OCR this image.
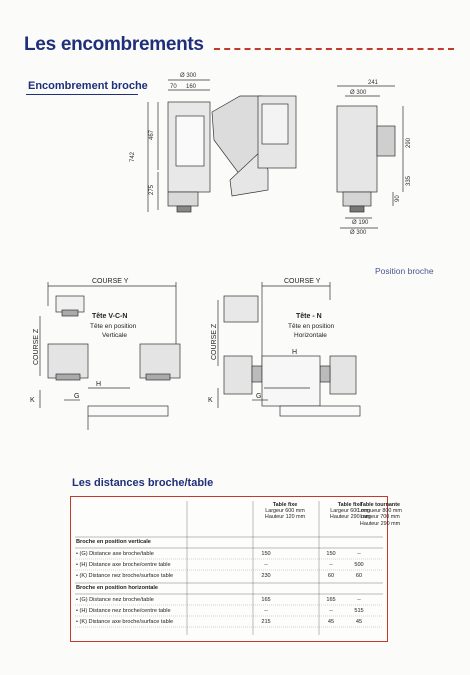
Les encombrements
Encombrement broche
Ø 300
70 160
742
467
275
241
Ø 300
290
335
90
Ø 190
Ø 300
Position broche
COURSE Y
COURSE Z
Tête V-C-N
Tête en position
Verticale
K
H
G
COURSE Y
COURSE Z
Tête - N
Tête en position
Horizontale
K
H
G
Les distances broche/table
Table fixe
Largeur 600 mm
Hauteur 120 mm
Table fixe
Largeur 600 mm
Hauteur 290 mm
Table tournante
Longueur 800 mm
Largeur 700 mm
Hauteur 290 mm
Broche en position verticale
• (G) Distance axe broche/table	150	150	--
• (H) Distance axe broche/centre table	--	--	500
• (K) Distance nez broche/surface table	230	60	60
Broche en position horizontale
• (G) Distance nez broche/table	165	165	--
• (H) Distance nez broche/centre table	--	--	515
• (K) Distance axe broche/surface table	215	45	45
